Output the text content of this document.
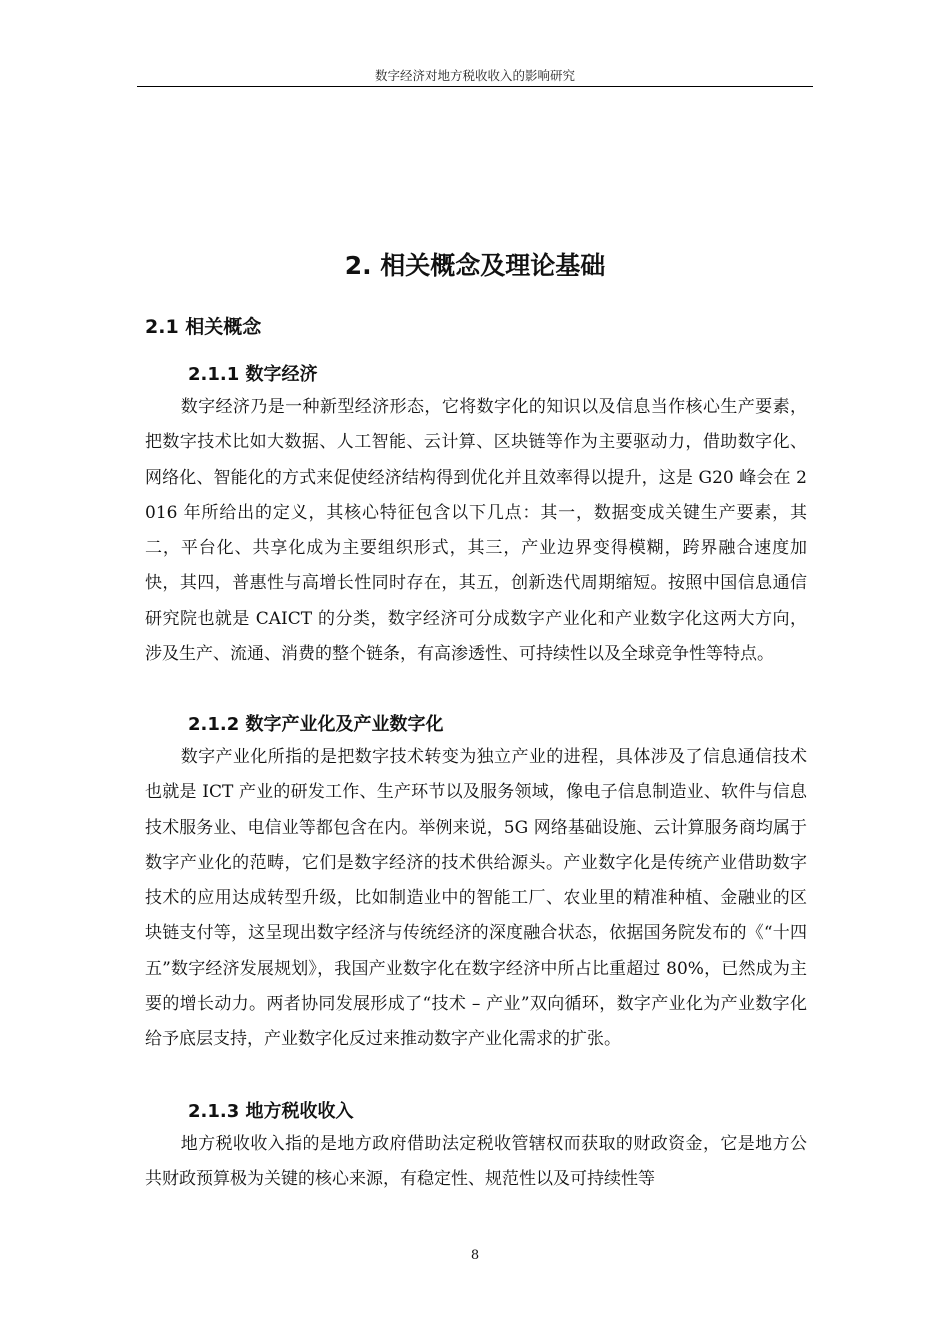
数字经济对地方税收收入的影响研究
2. 相关概念及理论基础
2.1 相关概念
2.1.1 数字经济

数字经济乃是一种新型经济形态，它将数字化的知识以及信息当作核心生产要素，把数字技术比如大数据、人工智能、云计算、区块链等作为主要驱动力，借助数字化、网络化、智能化的方式来促使经济结构得到优化并且效率得以提升，这是 G20 峰会在 2016 年所给出的定义，其核心特征包含以下几点：其一，数据变成关键生产要素，其二，平台化、共享化成为主要组织形式，其三，产业边界变得模糊，跨界融合速度加快，其四，普惠性与高增长性同时存在，其五，创新迭代周期缩短。按照中国信息通信研究院也就是 CAICT 的分类，数字经济可分成数字产业化和产业数字化这两大方向，涉及生产、流通、消费的整个链条，有高渗透性、可持续性以及全球竞争性等特点。

2.1.2 数字产业化及产业数字化

数字产业化所指的是把数字技术转变为独立产业的进程，具体涉及了信息通信技术也就是 ICT 产业的研发工作、生产环节以及服务领域，像电子信息制造业、软件与信息技术服务业、电信业等都包含在内。举例来说，5G 网络基础设施、云计算服务商均属于数字产业化的范畴，它们是数字经济的技术供给源头。产业数字化是传统产业借助数字技术的应用达成转型升级，比如制造业中的智能工厂、农业里的精准种植、金融业的区块链支付等，这呈现出数字经济与传统经济的深度融合状态，依据国务院发布的《“十四五”数字经济发展规划》，我国产业数字化在数字经济中所占比重超过 80%，已然成为主要的增长动力。两者协同发展形成了“技术 – 产业”双向循环，数字产业化为产业数字化给予底层支持，产业数字化反过来推动数字产业化需求的扩张。

2.1.3 地方税收收入

地方税收收入指的是地方政府借助法定税收管辖权而获取的财政资金，它是地方公共财政预算极为关键的核心来源，有稳定性、规范性以及可持续性等

8
